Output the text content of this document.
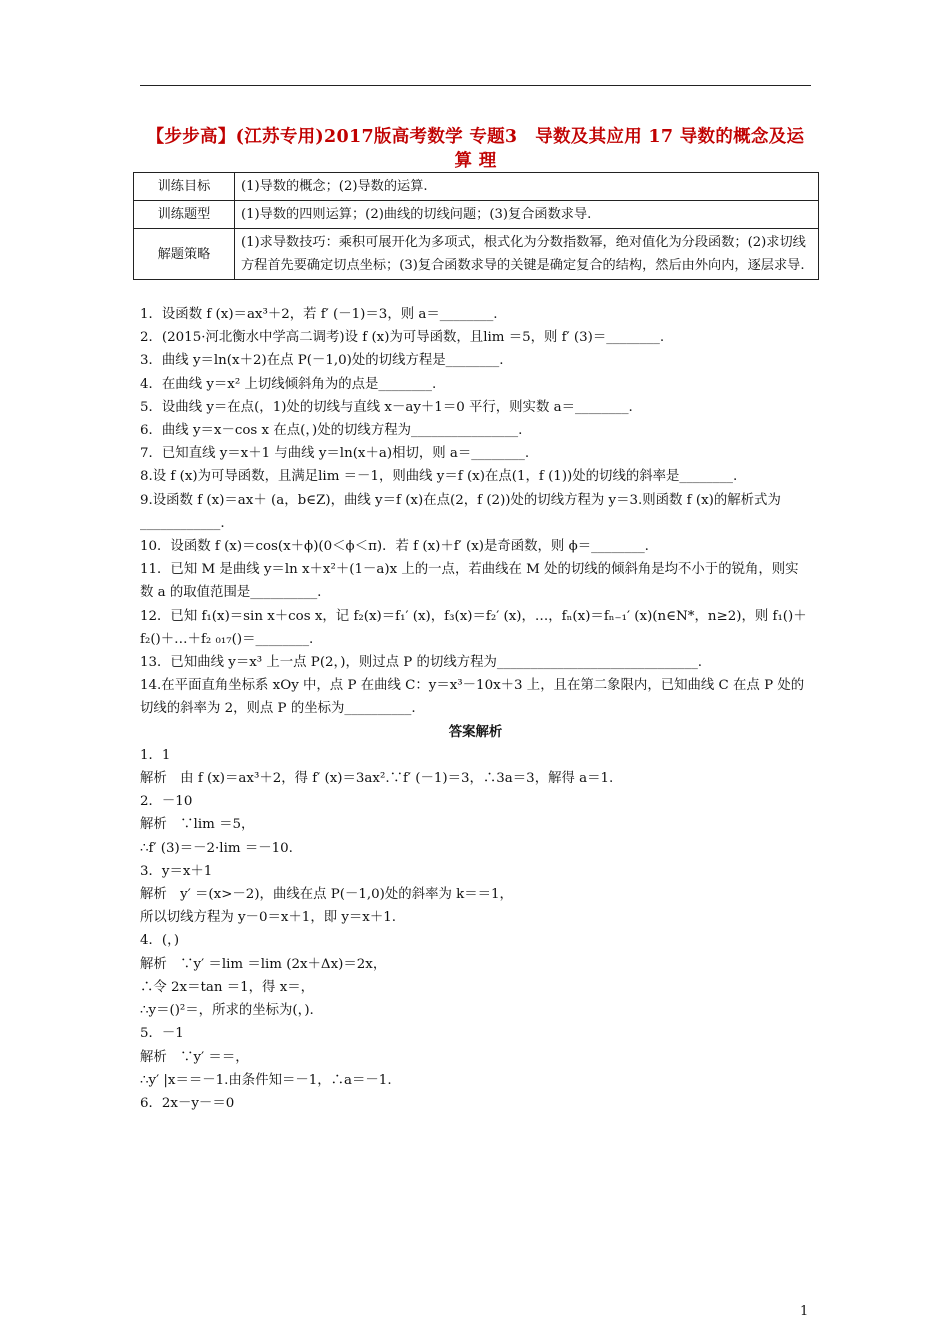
【步步高】(江苏专用)2017版高考数学 专题3　导数及其应用 17 导数的概念及运算 理
训练目标	(1)导数的概念；(2)导数的运算.
训练题型	(1)导数的四则运算；(2)曲线的切线问题；(3)复合函数求导.
解题策略	(1)求导数技巧：乘积可展开化为多项式，根式化为分数指数幂，绝对值化为分段函数；(2)求切线方程首先要确定切点坐标；(3)复合函数求导的关键是确定复合的结构，然后由外向内，逐层求导.

1．设函数 f (x)＝ax³＋2，若 f′ (－1)＝3，则 a＝________.

2．(2015·河北衡水中学高二调考)设 f (x)为可导函数，且lim ＝5，则 f′ (3)＝________.

3．曲线 y＝ln(x＋2)在点 P(－1,0)处的切线方程是________.

4．在曲线 y＝x² 上切线倾斜角为的点是________.

5．设曲线 y＝在点(，1)处的切线与直线 x－ay＋1＝0 平行，则实数 a＝________.

6．曲线 y＝x－cos x 在点(，)处的切线方程为________________.

7．已知直线 y＝x＋1 与曲线 y＝ln(x＋a)相切，则 a＝________.

8.设 f (x)为可导函数，且满足lim ＝－1，则曲线 y＝f (x)在点(1，f (1))处的切线的斜率是________.

9.设函数 f (x)＝ax＋ (a，b∈Z)，曲线 y＝f (x)在点(2，f (2))处的切线方程为 y＝3.则函数 f (x)的解析式为____________.

10．设函数 f (x)＝cos(x＋ϕ)(0＜ϕ＜π)．若 f (x)＋f′ (x)是奇函数，则 ϕ＝________.

11．已知 M 是曲线 y＝ln x＋x²＋(1－a)x 上的一点，若曲线在 M 处的切线的倾斜角是均不小于的锐角，则实数 a 的取值范围是__________.

12．已知 f₁(x)＝sin x＋cos x，记 f₂(x)＝f₁′ (x)，f₃(x)＝f₂′ (x)，…，fₙ(x)＝fₙ₋₁′ (x)(n∈N*，n≥2)，则 f₁()＋f₂()＋…＋f₂ ₀₁₇()＝________.

13．已知曲线 y＝x³ 上一点 P(2，)，则过点 P 的切线方程为______________________________.

14.在平面直角坐标系 xOy 中，点 P 在曲线 C：y＝x³－10x＋3 上，且在第二象限内，已知曲线 C 在点 P 处的切线的斜率为 2，则点 P 的坐标为__________.

答案解析

1．1

解析　由 f (x)＝ax³＋2，得 f′ (x)＝3ax².∵f′ (－1)＝3，∴3a＝3，解得 a＝1.

2．－10

解析　∵lim ＝5，

∴f′ (3)＝－2·lim ＝－10.

3．y＝x＋1

解析　y′ ＝(x>－2)，曲线在点 P(－1,0)处的斜率为 k＝＝1，

所以切线方程为 y－0＝x＋1，即 y＝x＋1.

4．(，)

解析　∵y′ ＝lim ＝lim (2x＋Δx)＝2x，

∴令 2x＝tan ＝1，得 x＝，

∴y＝()²＝，所求的坐标为(，).

5．－1

解析　∵y′ ＝＝，

∴y′ |x＝＝－1.由条件知＝－1，∴a＝－1.

6．2x－y－＝0

1
